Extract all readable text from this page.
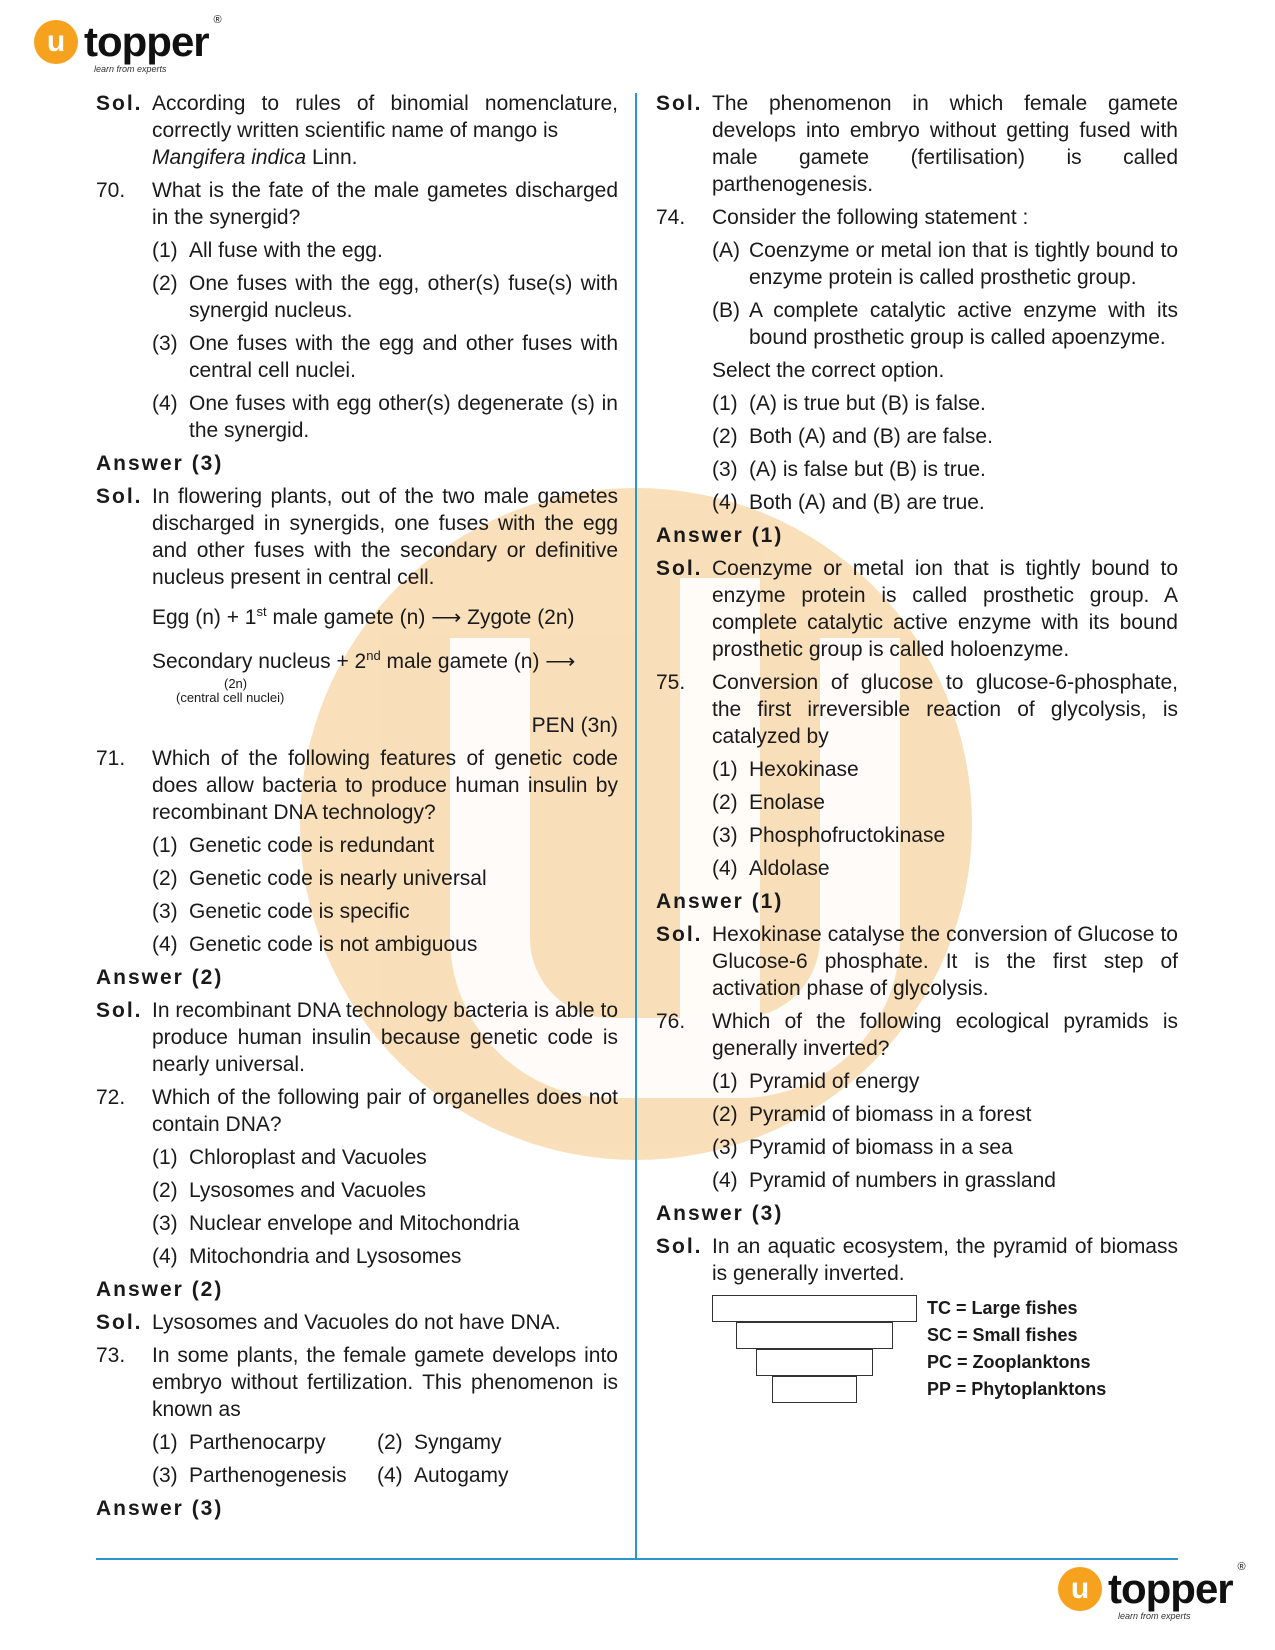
u topper ®
learn from experts
Sol. According to rules of binomial nomenclature, correctly written scientific name of mango is
Mangifera indica Linn.
70.	What is the fate of the male gametes discharged in the synergid?
(1) All fuse with the egg.
(2) One fuses with the egg, other(s) fuse(s) with synergid nucleus.
(3) One fuses with the egg and other fuses with central cell nuclei.
(4) One fuses with egg other(s) degenerate (s) in the synergid.
Answer (3)
Sol. In flowering plants, out of the two male gametes discharged in synergids, one fuses with the egg and other fuses with the secondary or definitive nucleus present in central cell.
Egg (n) + 1st male gamete (n) ⟶ Zygote (2n)
Secondary nucleus + 2nd male gamete (n) ⟶
(2n)
(central cell nuclei)
PEN (3n)
71.	Which of the following features of genetic code does allow bacteria to produce human insulin by recombinant DNA technology?
(1) Genetic code is redundant
(2) Genetic code is nearly universal
(3) Genetic code is specific
(4) Genetic code is not ambiguous
Answer (2)
Sol. In recombinant DNA technology bacteria is able to produce human insulin because genetic code is nearly universal.
72.	Which of the following pair of organelles does not contain DNA?
(1) Chloroplast and Vacuoles
(2) Lysosomes and Vacuoles
(3) Nuclear envelope and Mitochondria
(4) Mitochondria and Lysosomes
Answer (2)
Sol. Lysosomes and Vacuoles do not have DNA.
73.	In some plants, the female gamete develops into embryo without fertilization. This phenomenon is known as
(1) Parthenocarpy (2) Syngamy
(3) Parthenogenesis (4) Autogamy
Answer (3)
Sol. The phenomenon in which female gamete develops into embryo without getting fused with male gamete (fertilisation) is called parthenogenesis.
74.	Consider the following statement :
(A) Coenzyme or metal ion that is tightly bound to enzyme protein is called prosthetic group.
(B) A complete catalytic active enzyme with its bound prosthetic group is called apoenzyme.
Select the correct option.
(1) (A) is true but (B) is false.
(2) Both (A) and (B) are false.
(3) (A) is false but (B) is true.
(4) Both (A) and (B) are true.
Answer (1)
Sol. Coenzyme or metal ion that is tightly bound to enzyme protein is called prosthetic group. A complete catalytic active enzyme with its bound prosthetic group is called holoenzyme.
75.	Conversion of glucose to glucose-6-phosphate, the first irreversible reaction of glycolysis, is catalyzed by
(1) Hexokinase
(2) Enolase
(3) Phosphofructokinase
(4) Aldolase
Answer (1)
Sol. Hexokinase catalyse the conversion of Glucose to Glucose-6 phosphate. It is the first step of activation phase of glycolysis.
76.	Which of the following ecological pyramids is generally inverted?
(1) Pyramid of energy
(2) Pyramid of biomass in a forest
(3) Pyramid of biomass in a sea
(4) Pyramid of numbers in grassland
Answer (3)
Sol. In an aquatic ecosystem, the pyramid of biomass is generally inverted.
TC = Large fishes
SC = Small fishes
PC = Zooplanktons
PP = Phytoplanktons
u topper ®
learn from experts
